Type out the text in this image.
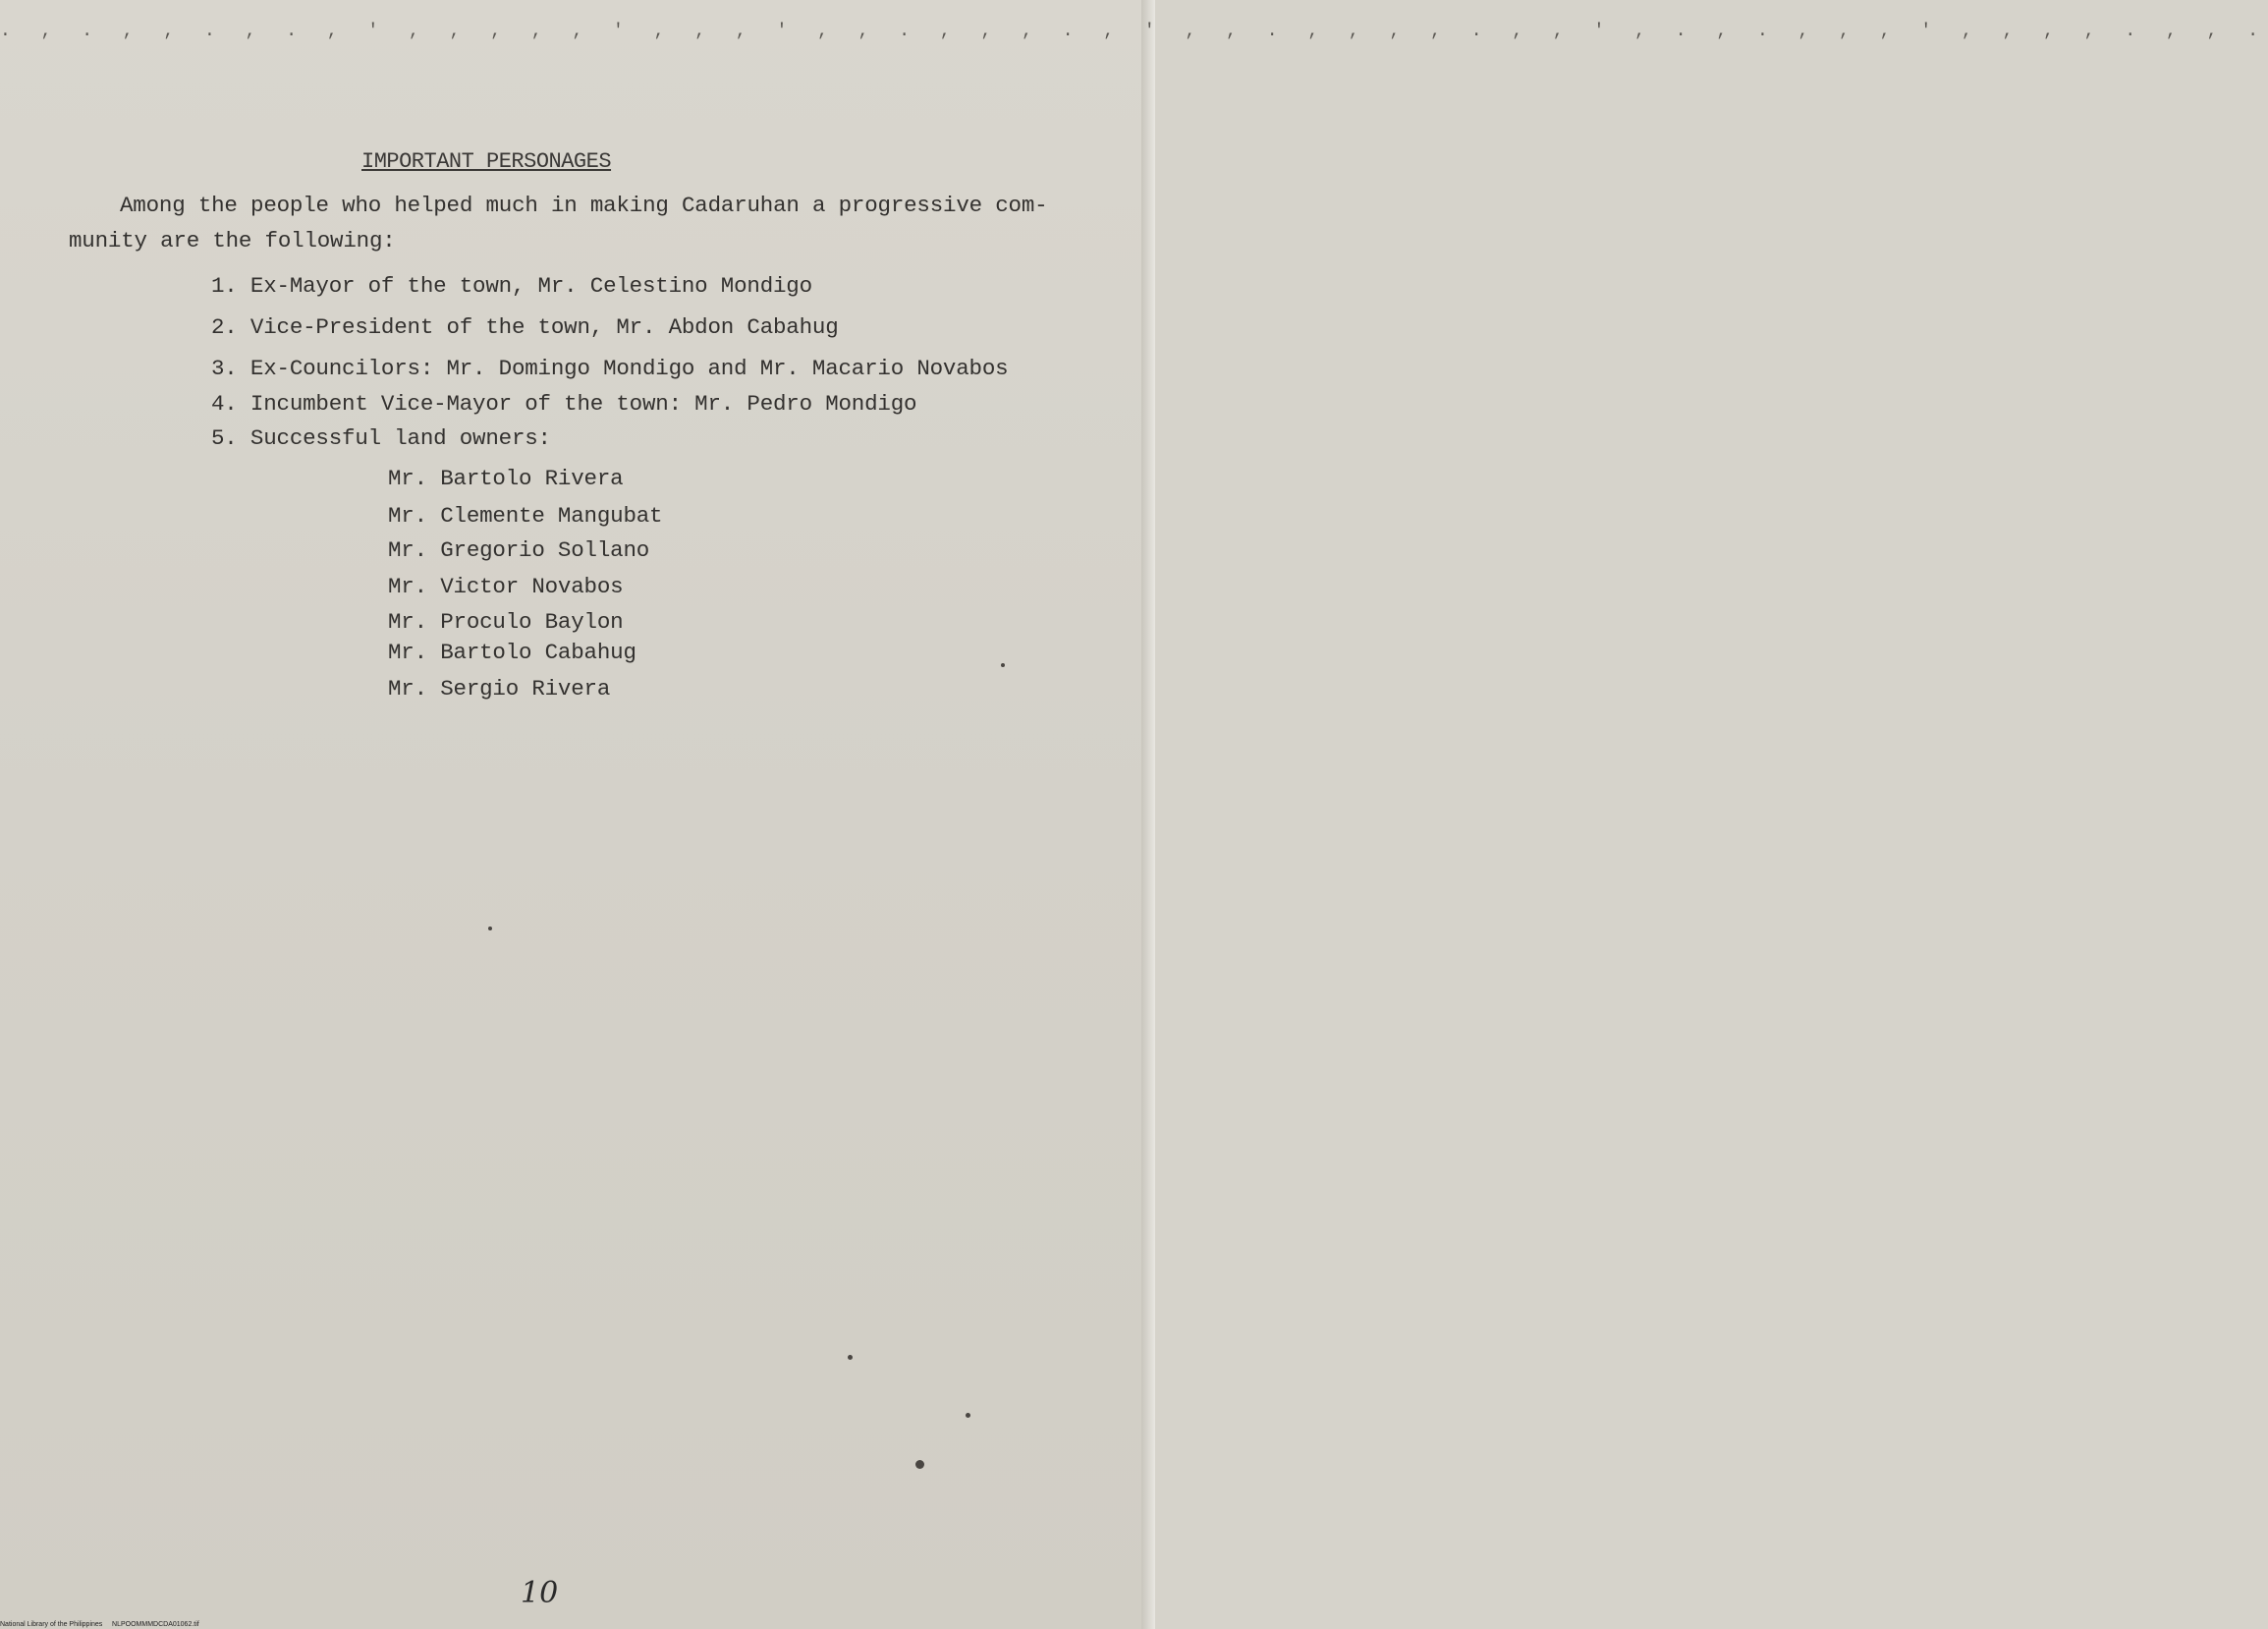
. , . , , . , . , ' , , , , , ' , , , ' , , . , , , . , ' , , . , , , , . , , ' , . , . , , , ' , , , , . , , .
IMPORTANT PERSONAGES
Among the people who helped much in making Cadaruhan a progressive com-
munity are the following:
1. Ex-Mayor of the town, Mr. Celestino Mondigo
2. Vice-President of the town, Mr. Abdon Cabahug
3. Ex-Councilors: Mr. Domingo Mondigo and Mr. Macario Novabos
4. Incumbent Vice-Mayor of the town: Mr. Pedro Mondigo
5. Successful land owners:
Mr. Bartolo Rivera
Mr. Clemente Mangubat
Mr. Gregorio Sollano
Mr. Victor Novabos
Mr. Proculo Baylon
Mr. Bartolo Cabahug
Mr. Sergio Rivera
10
National Library of the Philippines NLPOOMMMDCDA01062.tif
